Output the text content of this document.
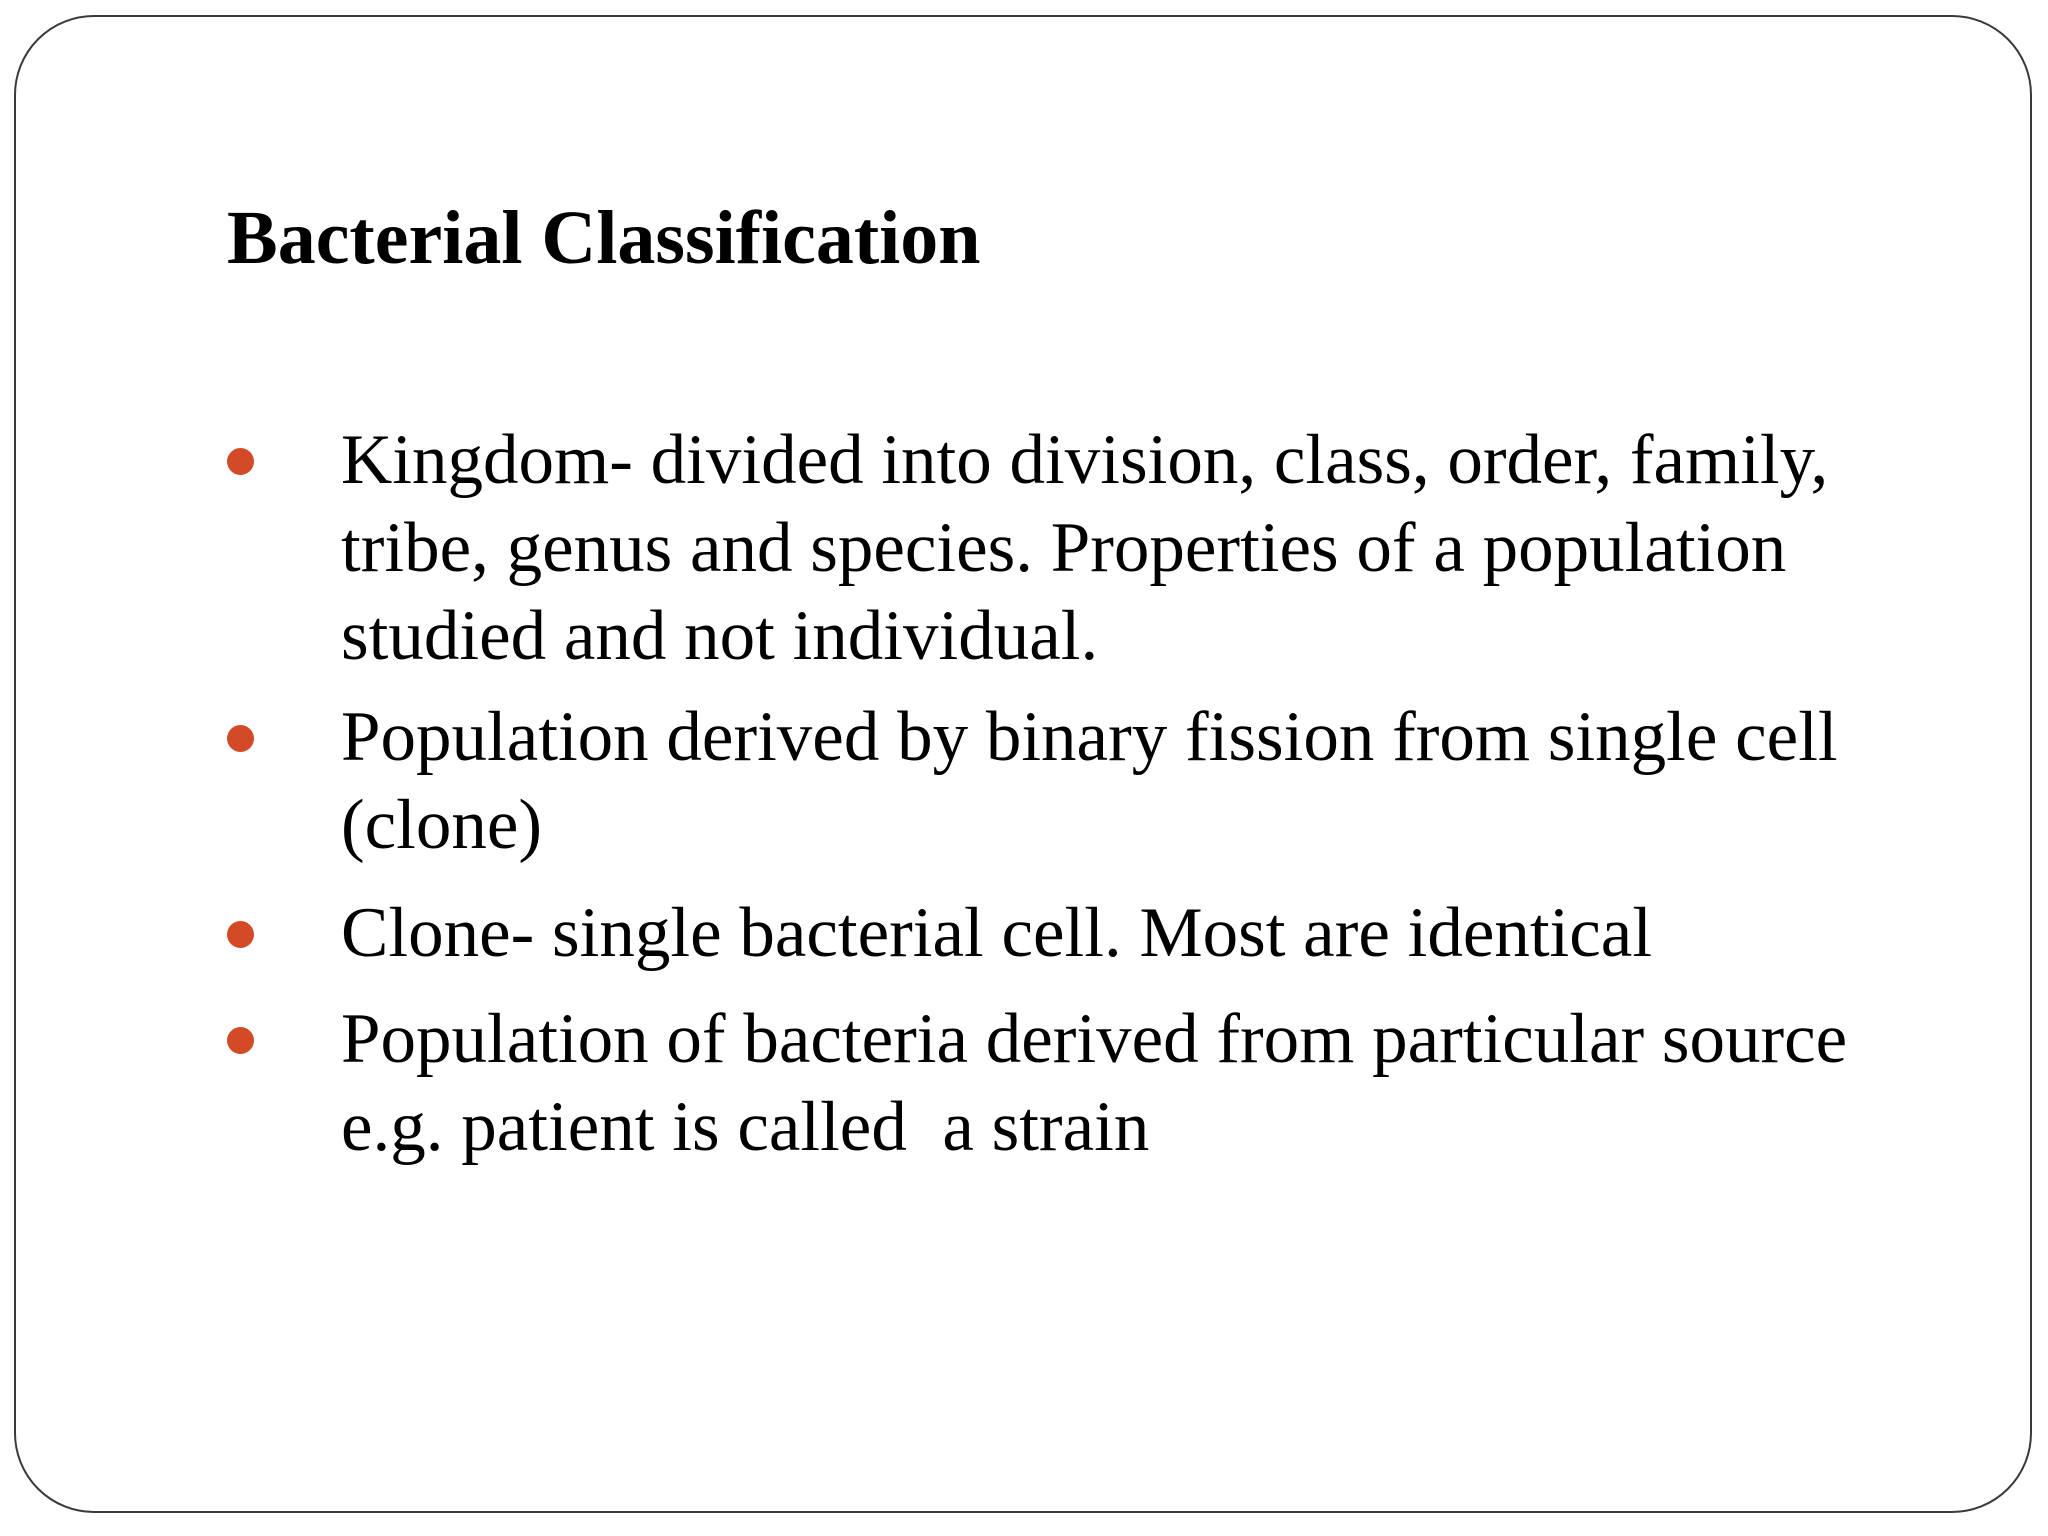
Bacterial Classification
Kingdom- divided into division, class, order, family,
tribe, genus and species. Properties of a population
studied and not individual.
Population derived by binary fission from single cell
(clone)
Clone- single bacterial cell. Most are identical
Population of bacteria derived from particular source
e.g. patient is called  a strain
